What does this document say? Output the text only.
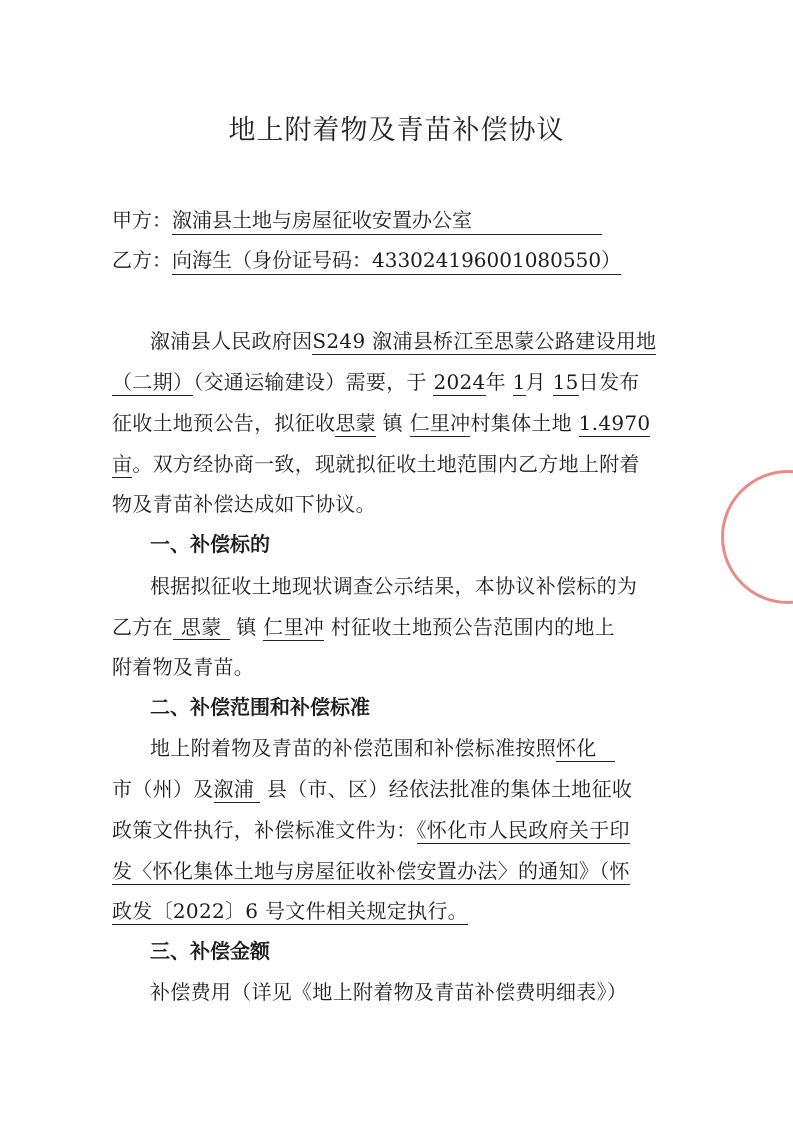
地上附着物及青苗补偿协议
甲方：溆浦县土地与房屋征收安置办公室
乙方：向海生（身份证号码：433024196001080550）
溆浦县人民政府因S249 溆浦县桥江至思蒙公路建设用地
（二期）（交通运输建设）需要，于 2024年 1月 15日发布
征收土地预公告，拟征收思蒙 镇 仁里冲村集体土地 1.4970
亩。双方经协商一致，现就拟征收土地范围内乙方地上附着
物及青苗补偿达成如下协议。
一、补偿标的
根据拟征收土地现状调查公示结果，本协议补偿标的为
乙方在 思蒙 镇 仁里冲 村征收土地预公告范围内的地上
附着物及青苗。
二、补偿范围和补偿标准
地上附着物及青苗的补偿范围和补偿标准按照怀化
市（州）及溆浦 县（市、区）经依法批准的集体土地征收
政策文件执行，补偿标准文件为：《怀化市人民政府关于印
发〈怀化集体土地与房屋征收补偿安置办法〉的通知》（怀
政发〔2022〕6 号文件相关规定执行。
三、补偿金额
补偿费用（详见《地上附着物及青苗补偿费明细表》）
